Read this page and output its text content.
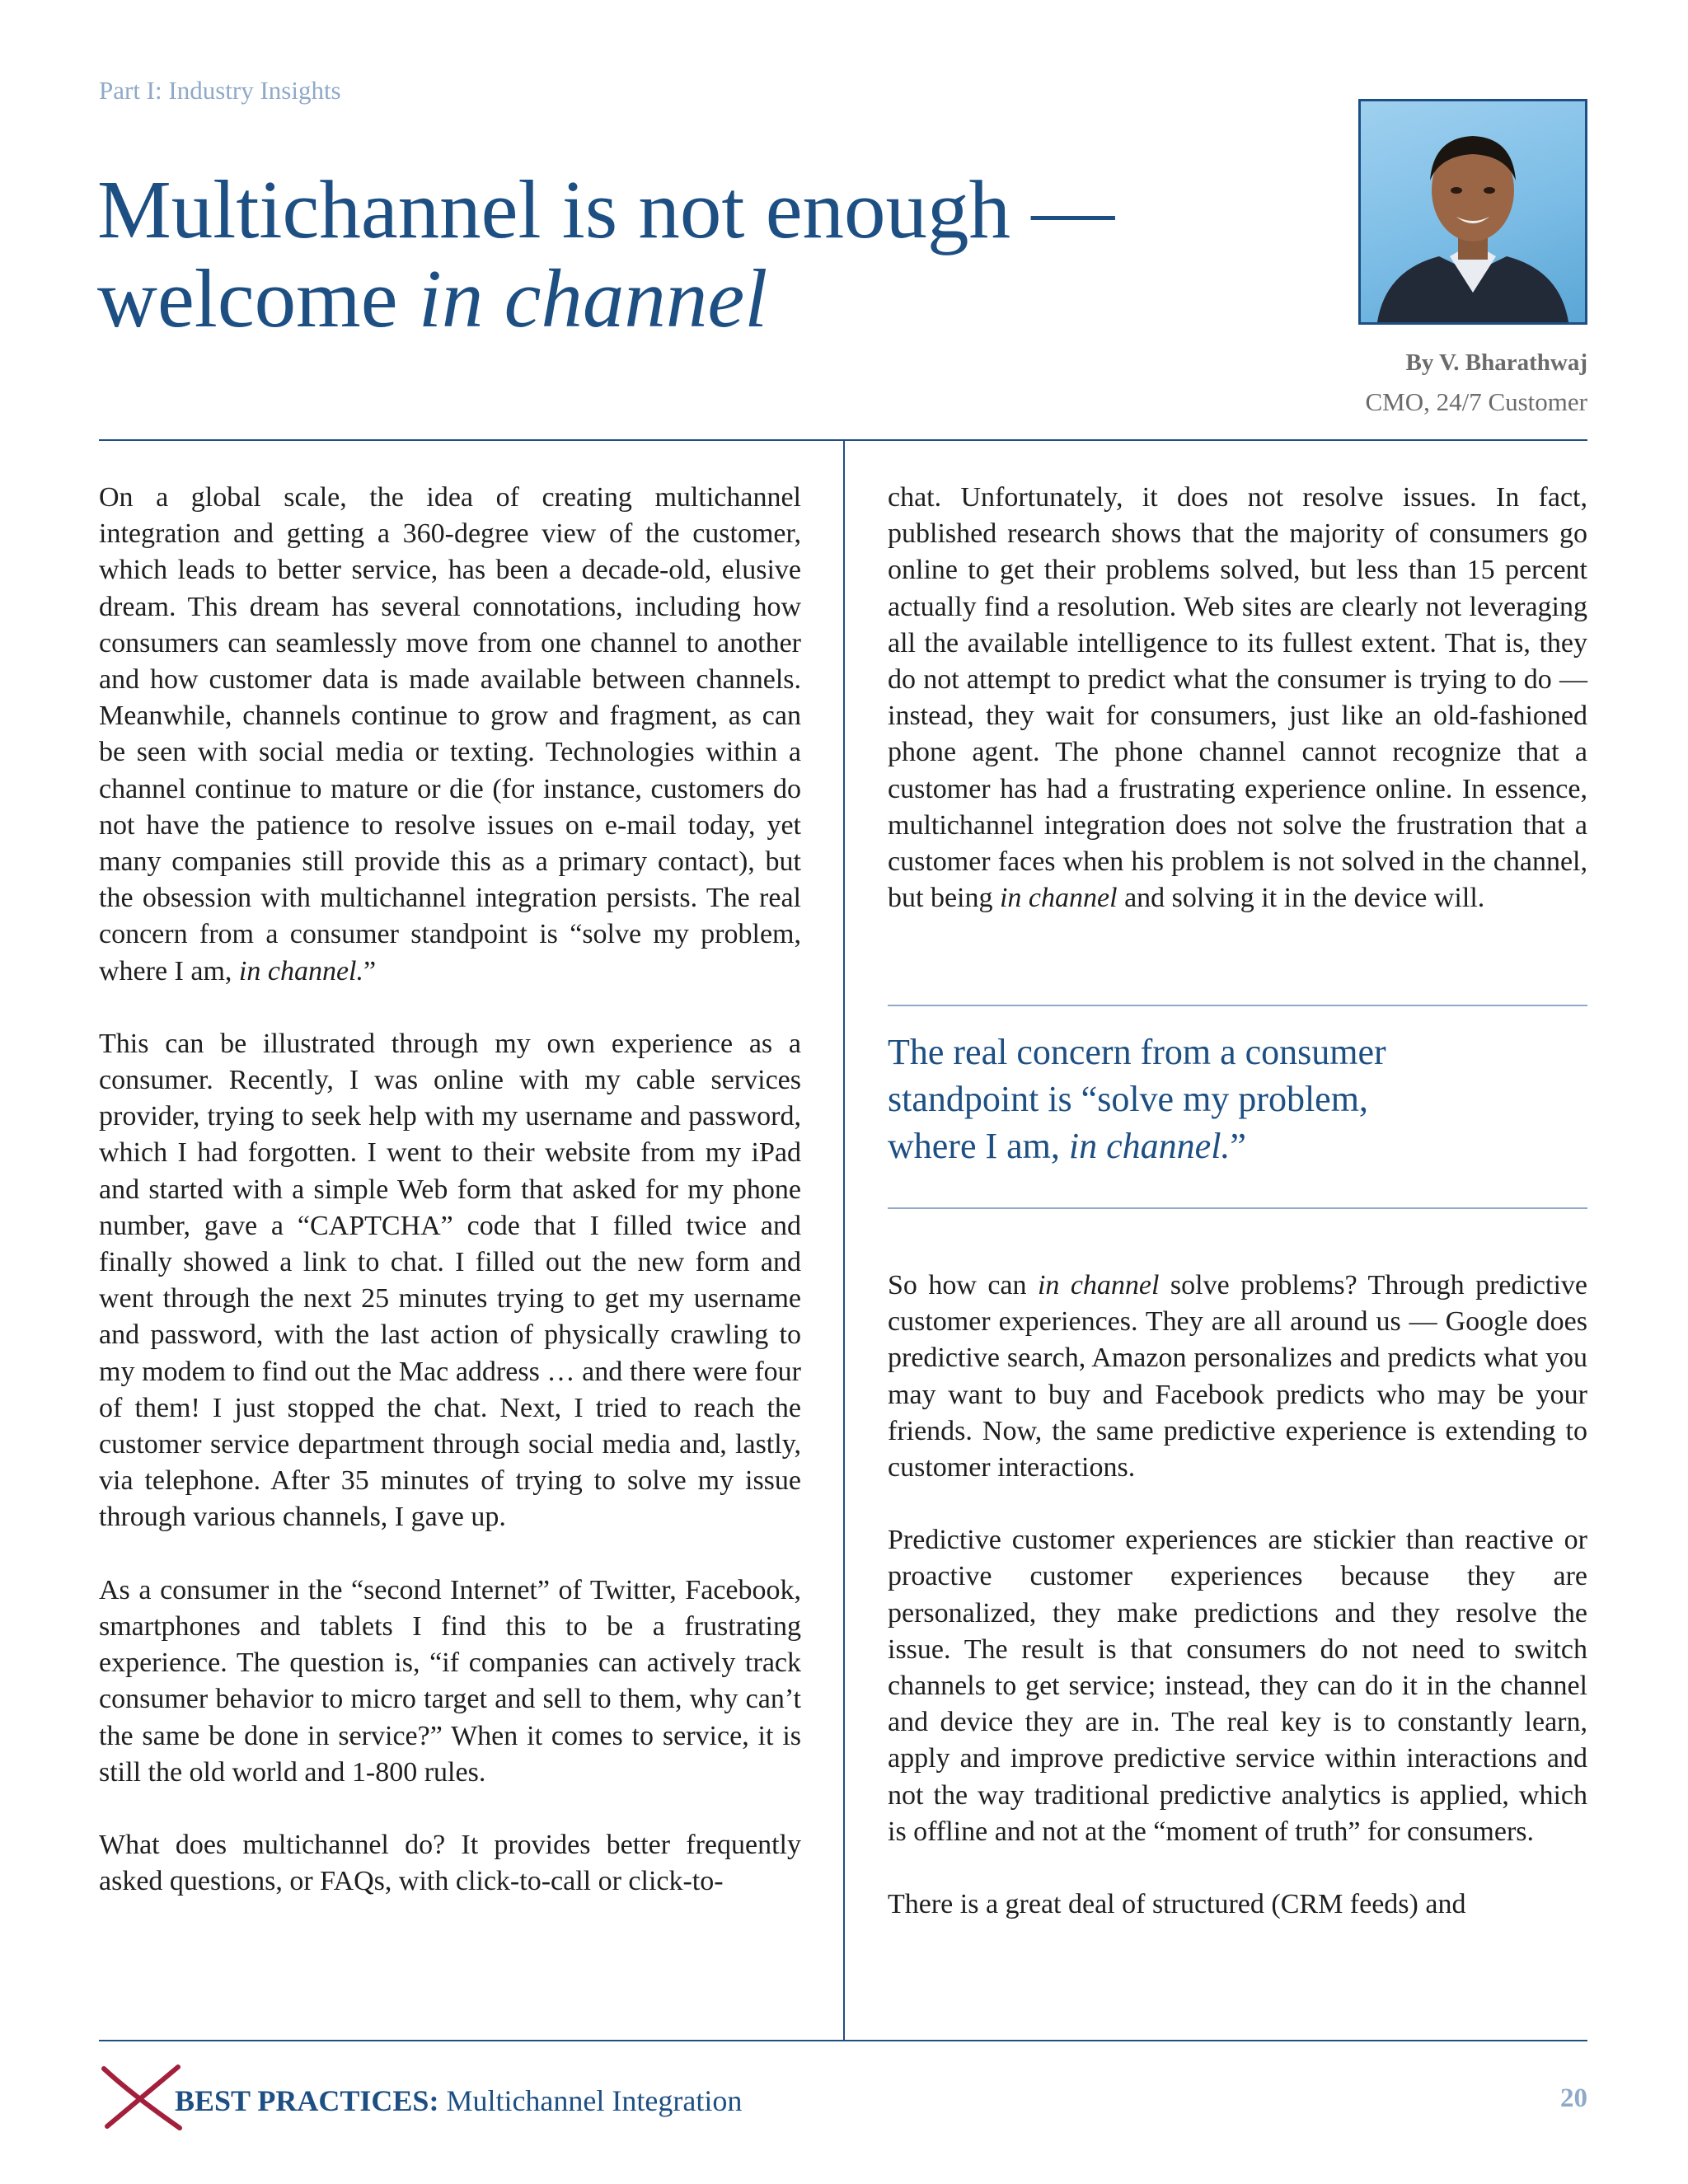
Part I: Industry Insights
Multichannel is not enough —
welcome in channel
By V. Bharathwaj
CMO, 24/7 Customer

On a global scale, the idea of creating multichannel integration and getting a 360-degree view of the customer, which leads to better service, has been a decade-old, elusive dream. This dream has several connotations, including how consumers can seamlessly move from one channel to another and how customer data is made available between channels. Meanwhile, channels continue to grow and fragment, as can be seen with social media or texting. Technologies within a channel continue to mature or die (for instance, customers do not have the patience to resolve issues on e-mail today, yet many companies still provide this as a primary contact), but the obsession with multichannel integration persists. The real concern from a consumer standpoint is “solve my problem, where I am, in channel.”

This can be illustrated through my own experience as a consumer. Recently, I was online with my cable services provider, trying to seek help with my username and password, which I had forgotten. I went to their website from my iPad and started with a simple Web form that asked for my phone number, gave a “CAPTCHA” code that I filled twice and finally showed a link to chat. I filled out the new form and went through the next 25 minutes trying to get my username and password, with the last action of physically crawling to my modem to find out the Mac address … and there were four of them! I just stopped the chat. Next, I tried to reach the customer service department through social media and, lastly, via telephone. After 35 minutes of trying to solve my issue through various channels, I gave up.

As a consumer in the “second Internet” of Twitter, Facebook, smartphones and tablets I find this to be a frustrating experience. The question is, “if companies can actively track consumer behavior to micro target and sell to them, why can’t the same be done in service?” When it comes to service, it is still the old world and 1-800 rules.

What does multichannel do? It provides better frequently asked questions, or FAQs, with click-to-call or click-to-

chat. Unfortunately, it does not resolve issues. In fact, published research shows that the majority of consumers go online to get their problems solved, but less than 15 percent actually find a resolution. Web sites are clearly not leveraging all the available intelligence to its fullest extent. That is, they do not attempt to predict what the consumer is trying to do — instead, they wait for consumers, just like an old-fashioned phone agent. The phone channel cannot recognize that a customer has had a frustrating experience online. In essence, multichannel integration does not solve the frustration that a customer faces when his problem is not solved in the channel, but being in channel and solving it in the device will.

The real concern from a consumer
standpoint is “solve my problem,
where I am, in channel.”

So how can in channel solve problems? Through predictive customer experiences. They are all around us — Google does predictive search, Amazon personalizes and predicts what you may want to buy and Facebook predicts who may be your friends. Now, the same predictive experience is extending to customer interactions.

Predictive customer experiences are stickier than reactive or proactive customer experiences because they are personalized, they make predictions and they resolve the issue. The result is that consumers do not need to switch channels to get service; instead, they can do it in the channel and device they are in. The real key is to constantly learn, apply and improve predictive service within interactions and not the way traditional predictive analytics is applied, which is offline and not at the “moment of truth” for consumers.

There is a great deal of structured (CRM feeds) and

BEST PRACTICES: Multichannel Integration	20
